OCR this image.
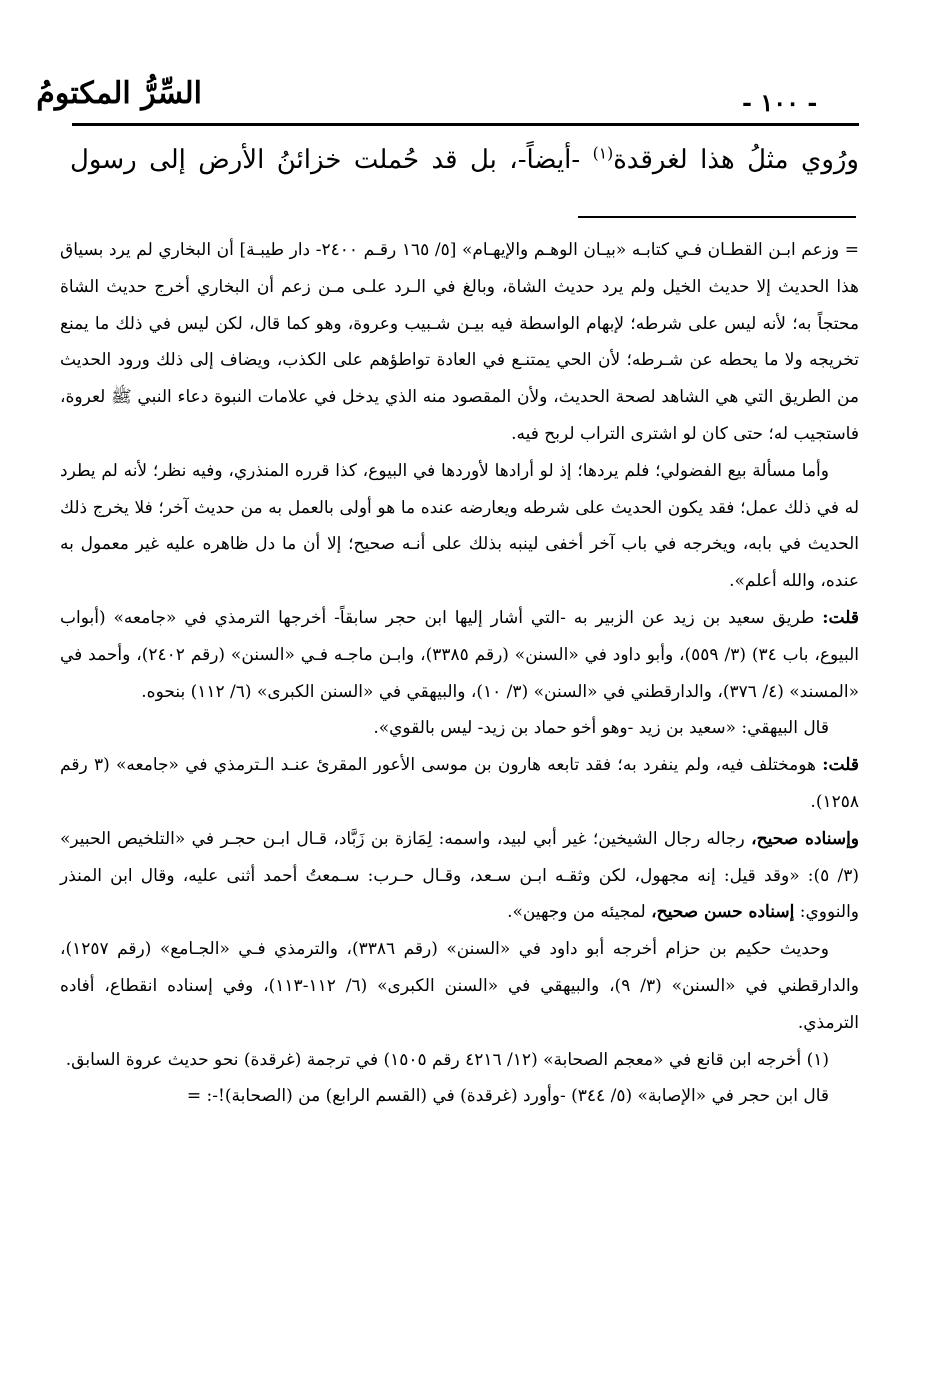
السِّرُّ المكتومُ	- ١٠٠ -
ورُوي مثلُ هذا لغرقدة$^{(١)}$ -أيضاً-، بل قد حُملت خزائنُ الأرض إلى رسول

= وزعم ابـن القطـان فـي كتابـه «بيـان الوهـم والإيهـام» [٥/ ١٦٥ رقـم ٢٤٠٠- دار طيبـة] أن البخاري لم يرد بسياق هذا الحديث إلا حديث الخيل ولم يرد حديث الشاة، وبالغ في الـرد علـى مـن زعم أن البخاري أخرج حديث الشاة محتجاً به؛ لأنه ليس على شرطه؛ لإبهام الواسطة فيه بيـن شـبيب وعروة، وهو كما قال، لكن ليس في ذلك ما يمنع تخريجه ولا ما يحطه عن شـرطه؛ لأن الحي يمتنـع في العادة تواطؤهم على الكذب، ويضاف إلى ذلك ورود الحديث من الطريق التي هي الشاهد لصحة الحديث، ولأن المقصود منه الذي يدخل في علامات النبوة دعاء النبي ﷺ لعروة، فاستجيب له؛ حتى كان لو اشترى التراب لربح فيه.

وأما مسألة بيع الفضولي؛ فلم يردها؛ إذ لو أرادها لأوردها في البيوع، كذا قرره المنذري، وفيه نظر؛ لأنه لم يطرد له في ذلك عمل؛ فقد يكون الحديث على شرطه ويعارضه عنده ما هو أولى بالعمل به من حديث آخر؛ فلا يخرج ذلك الحديث في بابه، ويخرجه في باب آخر أخفى لينبه بذلك على أنـه صحيح؛ إلا أن ما دل ظاهره عليه غير معمول به عنده، والله أعلم».

قلت: طريق سعيد بن زيد عن الزبير به -التي أشار إليها ابن حجر سابقاً- أخرجها الترمذي في «جامعه» (أبواب البيوع، باب ٣٤) (٣/ ٥٥٩)، وأبو داود في «السنن» (رقم ٣٣٨٥)، وابـن ماجـه فـي «السنن» (رقم ٢٤٠٢)، وأحمد في «المسند» (٤/ ٣٧٦)، والدارقطني في «السنن» (٣/ ١٠)، والبيهقي في «السنن الكبرى» (٦/ ١١٢) بنحوه.

قال البيهقي: «سعيد بن زيد -وهو أخو حماد بن زيد- ليس بالقوي».

قلت: هومختلف فيه، ولم ينفرد به؛ فقد تابعه هارون بن موسى الأعور المقرئ عنـد الـترمذي في «جامعه» (٣ رقم ١٢٥٨).

وإسناده صحيح، رجاله رجال الشيخين؛ غير أبي لبيد، واسمه: لِمَازة بن زَبَّاد، قـال ابـن حجـر في «التلخيص الحبير» (٣/ ٥): «وقد قيل: إنه مجهول، لكن وثقـه ابـن سـعد، وقـال حـرب: سـمعتُ أحمد أثنى عليه، وقال ابن المنذر والنووي: إسناده حسن صحيح، لمجيئه من وجهين».

وحديث حكيم بن حزام أخرجه أبو داود في «السنن» (رقم ٣٣٨٦)، والترمذي فـي «الجـامع» (رقم ١٢٥٧)، والدارقطني في «السنن» (٣/ ٩)، والبيهقي في «السنن الكبرى» (٦/ ١١٢-١١٣)، وفي إسناده انقطاع، أفاده الترمذي.

(١) أخرجه ابن قانع في «معجم الصحابة» (١٢/ ٤٢١٦ رقم ١٥٠٥) في ترجمة (غرقدة) نحو حديث عروة السابق.

قال ابن حجر في «الإصابة» (٥/ ٣٤٤) -وأورد (غرقدة) في (القسم الرابع) من (الصحابة)!-: =
